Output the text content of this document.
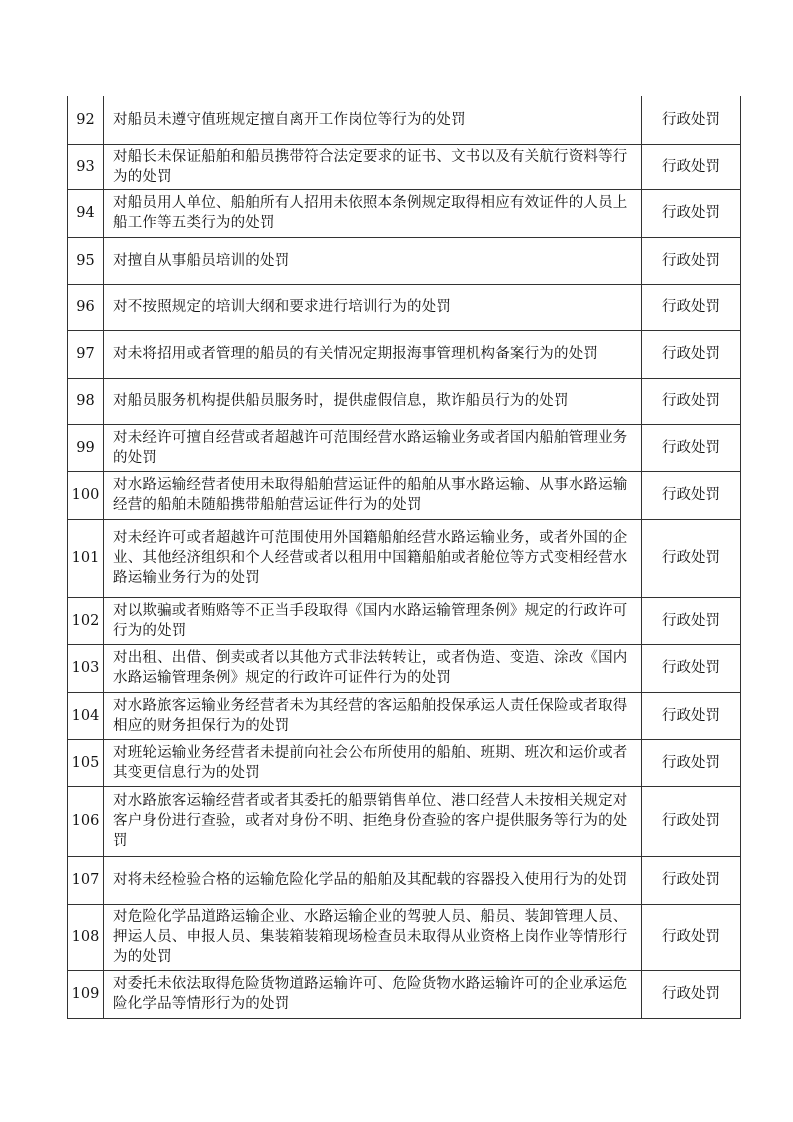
92	对船员未遵守值班规定擅自离开工作岗位等行为的处罚	行政处罚
93	对船长未保证船舶和船员携带符合法定要求的证书、文书以及有关航行资料等行为的处罚	行政处罚
94	对船员用人单位、船舶所有人招用未依照本条例规定取得相应有效证件的人员上船工作等五类行为的处罚	行政处罚
95	对擅自从事船员培训的处罚	行政处罚
96	对不按照规定的培训大纲和要求进行培训行为的处罚	行政处罚
97	对未将招用或者管理的船员的有关情况定期报海事管理机构备案行为的处罚	行政处罚
98	对船员服务机构提供船员服务时，提供虚假信息，欺诈船员行为的处罚	行政处罚
99	对未经许可擅自经营或者超越许可范围经营水路运输业务或者国内船舶管理业务的处罚	行政处罚
100	对水路运输经营者使用未取得船舶营运证件的船舶从事水路运输、从事水路运输经营的船舶未随船携带船舶营运证件行为的处罚	行政处罚
101	对未经许可或者超越许可范围使用外国籍船舶经营水路运输业务，或者外国的企业、其他经济组织和个人经营或者以租用中国籍船舶或者舱位等方式变相经营水路运输业务行为的处罚	行政处罚
102	对以欺骗或者贿赂等不正当手段取得《国内水路运输管理条例》规定的行政许可行为的处罚	行政处罚
103	对出租、出借、倒卖或者以其他方式非法转转让，或者伪造、变造、涂改《国内水路运输管理条例》规定的行政许可证件行为的处罚	行政处罚
104	对水路旅客运输业务经营者未为其经营的客运船舶投保承运人责任保险或者取得相应的财务担保行为的处罚	行政处罚
105	对班轮运输业务经营者未提前向社会公布所使用的船舶、班期、班次和运价或者其变更信息行为的处罚	行政处罚
106	对水路旅客运输经营者或者其委托的船票销售单位、港口经营人未按相关规定对客户身份进行查验，或者对身份不明、拒绝身份查验的客户提供服务等行为的处罚	行政处罚
107	对将未经检验合格的运输危险化学品的船舶及其配载的容器投入使用行为的处罚	行政处罚
108	对危险化学品道路运输企业、水路运输企业的驾驶人员、船员、装卸管理人员、押运人员、申报人员、集装箱装箱现场检查员未取得从业资格上岗作业等情形行为的处罚	行政处罚
109	对委托未依法取得危险货物道路运输许可、危险货物水路运输许可的企业承运危险化学品等情形行为的处罚	行政处罚
